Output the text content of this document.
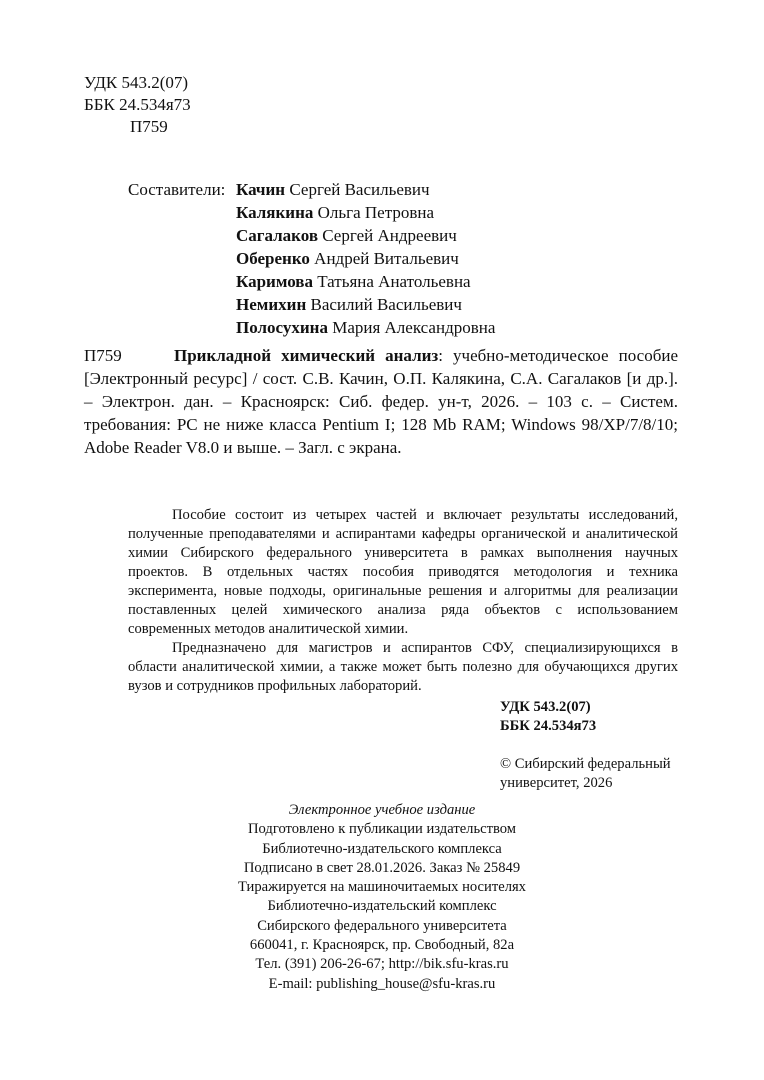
УДК 543.2(07)
ББК 24.534я73
П759
Составители: Качин Сергей Васильевич
Калякина Ольга Петровна
Сагалаков Сергей Андреевич
Оберенко Андрей Витальевич
Каримова Татьяна Анатольевна
Немихин Василий Васильевич
Полосухина Мария Александровна
П759	Прикладной химический анализ: учебно-методическое пособие [Электронный ресурс] / сост. С.В. Качин, О.П. Калякина, С.А. Сагалаков [и др.]. – Электрон. дан. – Красноярск: Сиб. федер. ун-т, 2026. – 103 с. – Систем. требования: PC не ниже класса Pentium I; 128 Mb RAM; Windows 98/XP/7/8/10; Adobe Reader V8.0 и выше. – Загл. с экрана.

Пособие состоит из четырех частей и включает результаты исследований, полученные преподавателями и аспирантами кафедры органической и аналитической химии Сибирского федерального университета в рамках выполнения научных проектов. В отдельных частях пособия приводятся методология и техника эксперимента, новые подходы, оригинальные решения и алгоритмы для реализации поставленных целей химического анализа ряда объектов с использованием современных методов аналитической химии.

Предназначено для магистров и аспирантов СФУ, специализирующихся в области аналитической химии, а также может быть полезно для обучающихся других вузов и сотрудников профильных лабораторий.

УДК 543.2(07)
ББК 24.534я73
© Сибирский федеральный
университет, 2026
Электронное учебное издание
Подготовлено к публикации издательством
Библиотечно-издательского комплекса
Подписано в свет 28.01.2026. Заказ № 25849
Тиражируется на машиночитаемых носителях
Библиотечно-издательский комплекс
Сибирского федерального университета
660041, г. Красноярск, пр. Свободный, 82а
Тел. (391) 206-26-67; http://bik.sfu-kras.ru
E-mail: publishing_house@sfu-kras.ru
